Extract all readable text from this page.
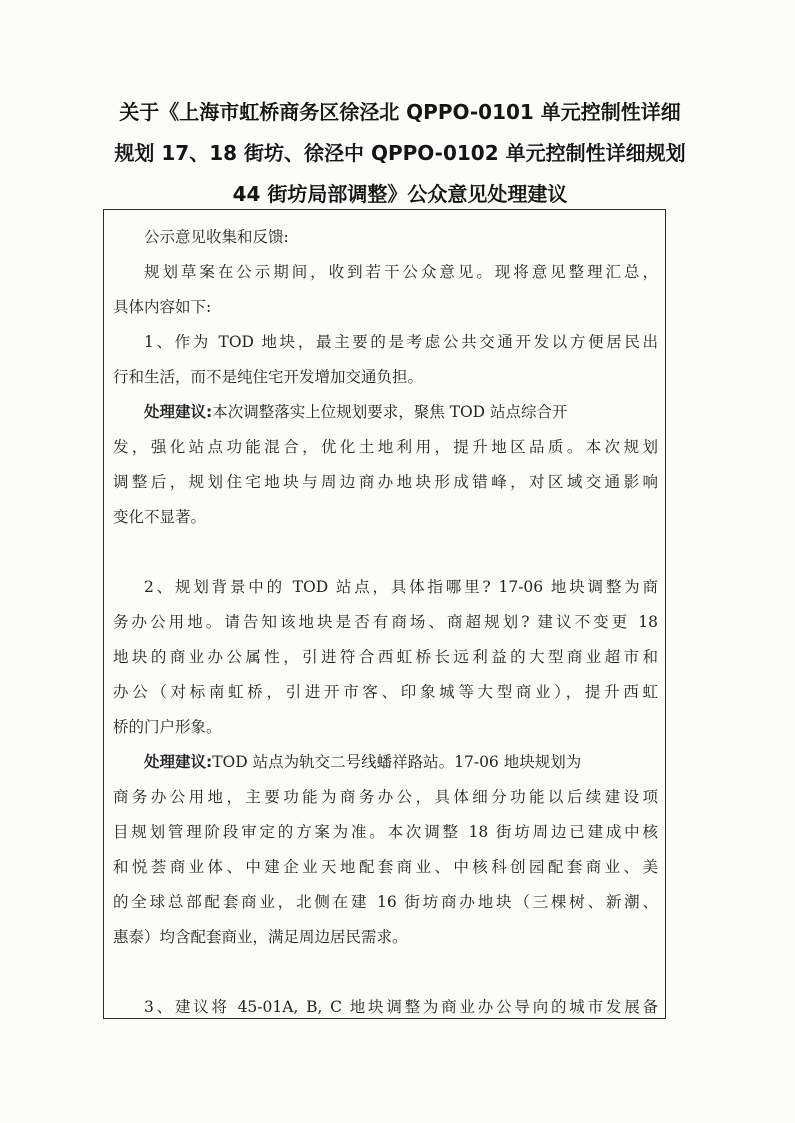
关于《上海市虹桥商务区徐泾北 QPPO-0101 单元控制性详细
规划 17、18 街坊、徐泾中 QPPO-0102 单元控制性详细规划
44 街坊局部调整》公众意见处理建议
公示意见收集和反馈:
规划草案在公示期间，收到若干公众意见。现将意见整理汇总，
具体内容如下:
1、作为 TOD 地块，最主要的是考虑公共交通开发以方便居民出
行和生活，而不是纯住宅开发增加交通负担。
处理建议:本次调整落实上位规划要求，聚焦 TOD 站点综合开
发，强化站点功能混合，优化土地利用，提升地区品质。本次规划
调整后，规划住宅地块与周边商办地块形成错峰，对区域交通影响
变化不显著。
2、规划背景中的 TOD 站点，具体指哪里? 17-06 地块调整为商
务办公用地。请告知该地块是否有商场、商超规划? 建议不变更 18
地块的商业办公属性，引进符合西虹桥长远利益的大型商业超市和
办公（对标南虹桥，引进开市客、印象城等大型商业），提升西虹
桥的门户形象。
处理建议:TOD 站点为轨交二号线蟠祥路站。17-06 地块规划为
商务办公用地，主要功能为商务办公，具体细分功能以后续建设项
目规划管理阶段审定的方案为准。本次调整 18 街坊周边已建成中核
和悦荟商业体、中建企业天地配套商业、中核科创园配套商业、美
的全球总部配套商业，北侧在建 16 街坊商办地块（三棵树、新潮、
惠泰）均含配套商业，满足周边居民需求。
3、建议将 45-01A, B, C 地块调整为商业办公导向的城市发展备
